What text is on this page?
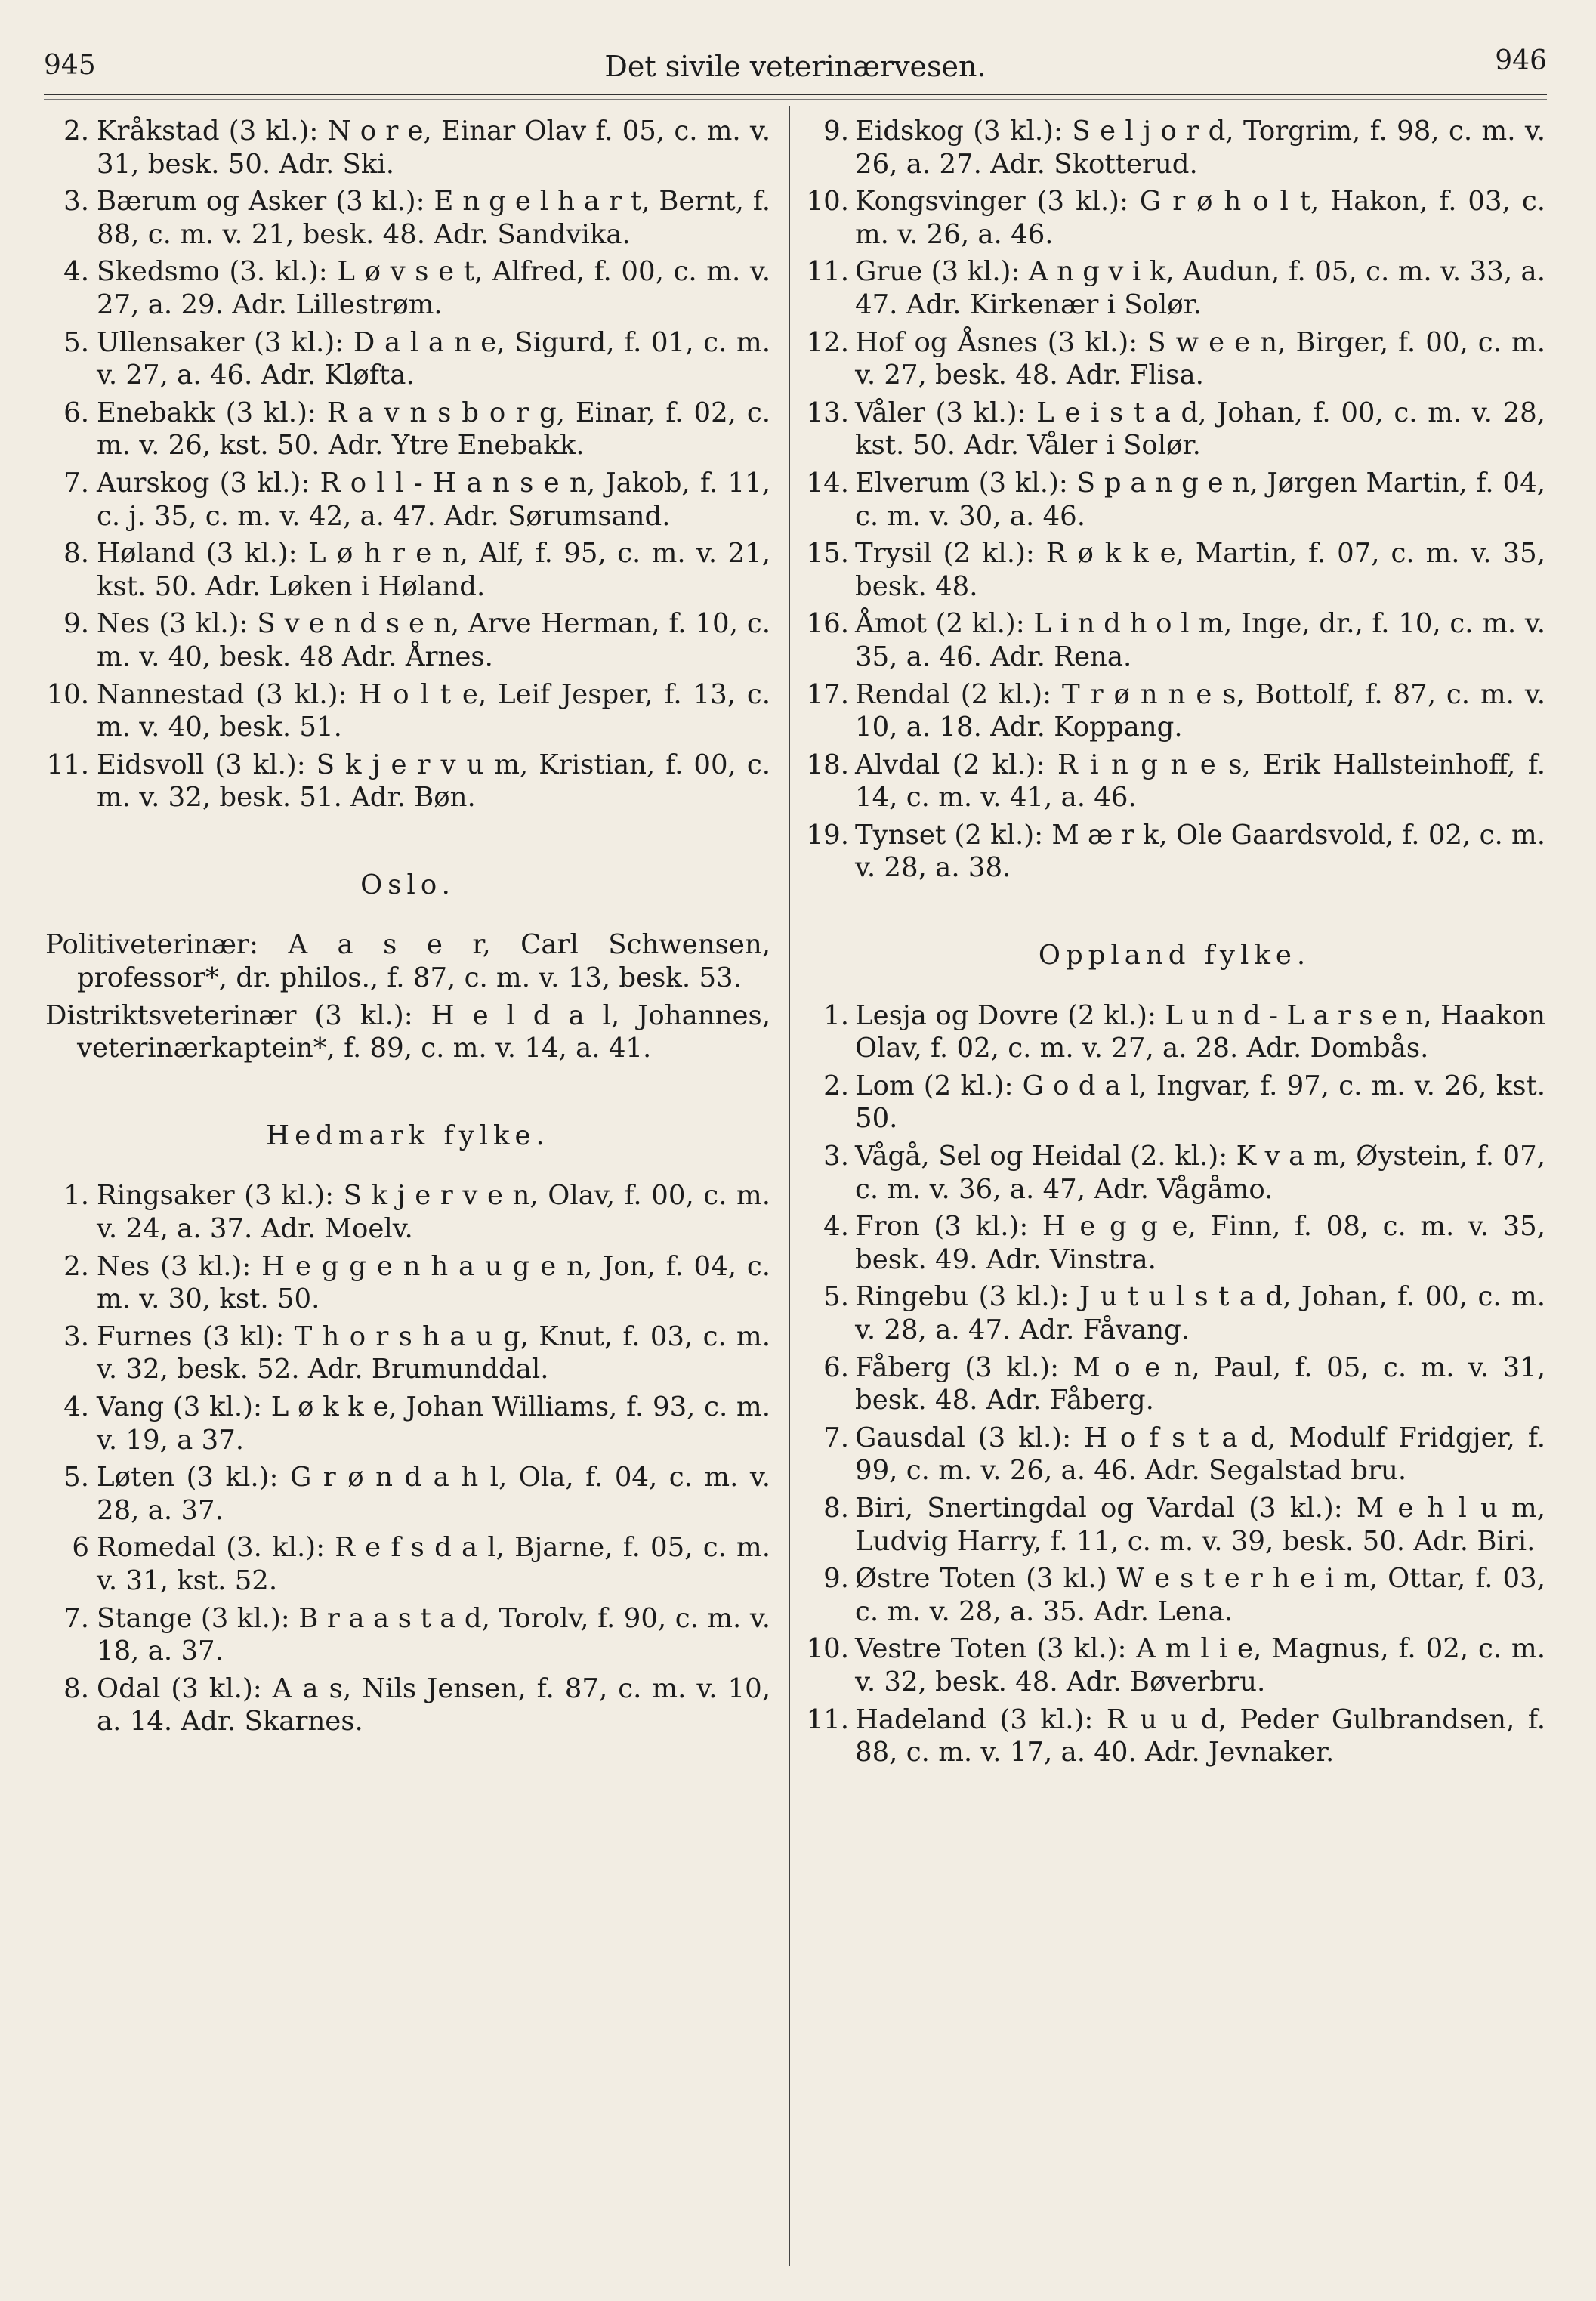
945	Det sivile veterinærvesen.	946
2. Kråkstad (3 kl.): N o r e, Einar Olav f. 05, c. m. v. 31, besk. 50. Adr. Ski.
3. Bærum og Asker (3 kl.): E n g e l h a r t, Bernt, f. 88, c. m. v. 21, besk. 48. Adr. Sandvika.
4. Skedsmo (3. kl.): L ø v s e t, Alfred, f. 00, c. m. v. 27, a. 29. Adr. Lillestrøm.
5. Ullensaker (3 kl.): D a l a n e, Sigurd, f. 01, c. m. v. 27, a. 46. Adr. Kløfta.
6. Enebakk (3 kl.): R a v n s b o r g, Einar, f. 02, c. m. v. 26, kst. 50. Adr. Ytre Enebakk.
7. Aurskog (3 kl.): R o l l - H a n s e n, Jakob, f. 11, c. j. 35, c. m. v. 42, a. 47. Adr. Sørumsand.
8. Høland (3 kl.): L ø h r e n, Alf, f. 95, c. m. v. 21, kst. 50. Adr. Løken i Høland.
9. Nes (3 kl.): S v e n d s e n, Arve Herman, f. 10, c. m. v. 40, besk. 48 Adr. Årnes.
10. Nannestad (3 kl.): H o l t e, Leif Jesper, f. 13, c. m. v. 40, besk. 51.
11. Eidsvoll (3 kl.): S k j e r v u m, Kristian, f. 00, c. m. v. 32, besk. 51. Adr. Bøn.
Oslo.
Politiveterinær: A a s e r, Carl Schwensen, professor*, dr. philos., f. 87, c. m. v. 13, besk. 53.
Distriktsveterinær (3 kl.): H e l d a l, Johannes, veterinærkaptein*, f. 89, c. m. v. 14, a. 41.
Hedmark fylke.
1. Ringsaker (3 kl.): S k j e r v e n, Olav, f. 00, c. m. v. 24, a. 37. Adr. Moelv.
2. Nes (3 kl.): H e g g e n h a u g e n, Jon, f. 04, c. m. v. 30, kst. 50.
3. Furnes (3 kl): T h o r s h a u g, Knut, f. 03, c. m. v. 32, besk. 52. Adr. Brumunddal.
4. Vang (3 kl.): L ø k k e, Johan Williams, f. 93, c. m. v. 19, a 37.
5. Løten (3 kl.): G r ø n d a h l, Ola, f. 04, c. m. v. 28, a. 37.
6 Romedal (3. kl.): R e f s d a l, Bjarne, f. 05, c. m. v. 31, kst. 52.
7. Stange (3 kl.): B r a a s t a d, Torolv, f. 90, c. m. v. 18, a. 37.
8. Odal (3 kl.): A a s, Nils Jensen, f. 87, c. m. v. 10, a. 14. Adr. Skarnes.
9. Eidskog (3 kl.): S e l j o r d, Torgrim, f. 98, c. m. v. 26, a. 27. Adr. Skotterud.
10. Kongsvinger (3 kl.): G r ø h o l t, Hakon, f. 03, c. m. v. 26, a. 46.
11. Grue (3 kl.): A n g v i k, Audun, f. 05, c. m. v. 33, a. 47. Adr. Kirkenær i Solør.
12. Hof og Åsnes (3 kl.): S w e e n, Birger, f. 00, c. m. v. 27, besk. 48. Adr. Flisa.
13. Våler (3 kl.): L e i s t a d, Johan, f. 00, c. m. v. 28, kst. 50. Adr. Våler i Solør.
14. Elverum (3 kl.): S p a n g e n, Jørgen Martin, f. 04, c. m. v. 30, a. 46.
15. Trysil (2 kl.): R ø k k e, Martin, f. 07, c. m. v. 35, besk. 48.
16. Åmot (2 kl.): L i n d h o l m, Inge, dr., f. 10, c. m. v. 35, a. 46. Adr. Rena.
17. Rendal (2 kl.): T r ø n n e s, Bottolf, f. 87, c. m. v. 10, a. 18. Adr. Koppang.
18. Alvdal (2 kl.): R i n g n e s, Erik Hallsteinhoff, f. 14, c. m. v. 41, a. 46.
19. Tynset (2 kl.): M æ r k, Ole Gaardsvold, f. 02, c. m. v. 28, a. 38.
Oppland fylke.
1. Lesja og Dovre (2 kl.): L u n d - L a r s e n, Haakon Olav, f. 02, c. m. v. 27, a. 28. Adr. Dombås.
2. Lom (2 kl.): G o d a l, Ingvar, f. 97, c. m. v. 26, kst. 50.
3. Vågå, Sel og Heidal (2. kl.): K v a m, Øystein, f. 07, c. m. v. 36, a. 47, Adr. Vågåmo.
4. Fron (3 kl.): H e g g e, Finn, f. 08, c. m. v. 35, besk. 49. Adr. Vinstra.
5. Ringebu (3 kl.): J u t u l s t a d, Johan, f. 00, c. m. v. 28, a. 47. Adr. Fåvang.
6. Fåberg (3 kl.): M o e n, Paul, f. 05, c. m. v. 31, besk. 48. Adr. Fåberg.
7. Gausdal (3 kl.): H o f s t a d, Modulf Fridgjer, f. 99, c. m. v. 26, a. 46. Adr. Segalstad bru.
8. Biri, Snertingdal og Vardal (3 kl.): M e h l u m, Ludvig Harry, f. 11, c. m. v. 39, besk. 50. Adr. Biri.
9. Østre Toten (3 kl.) W e s t e r h e i m, Ottar, f. 03, c. m. v. 28, a. 35. Adr. Lena.
10. Vestre Toten (3 kl.): A m l i e, Magnus, f. 02, c. m. v. 32, besk. 48. Adr. Bøverbru.
11. Hadeland (3 kl.): R u u d, Peder Gulbrandsen, f. 88, c. m. v. 17, a. 40. Adr. Jevnaker.
